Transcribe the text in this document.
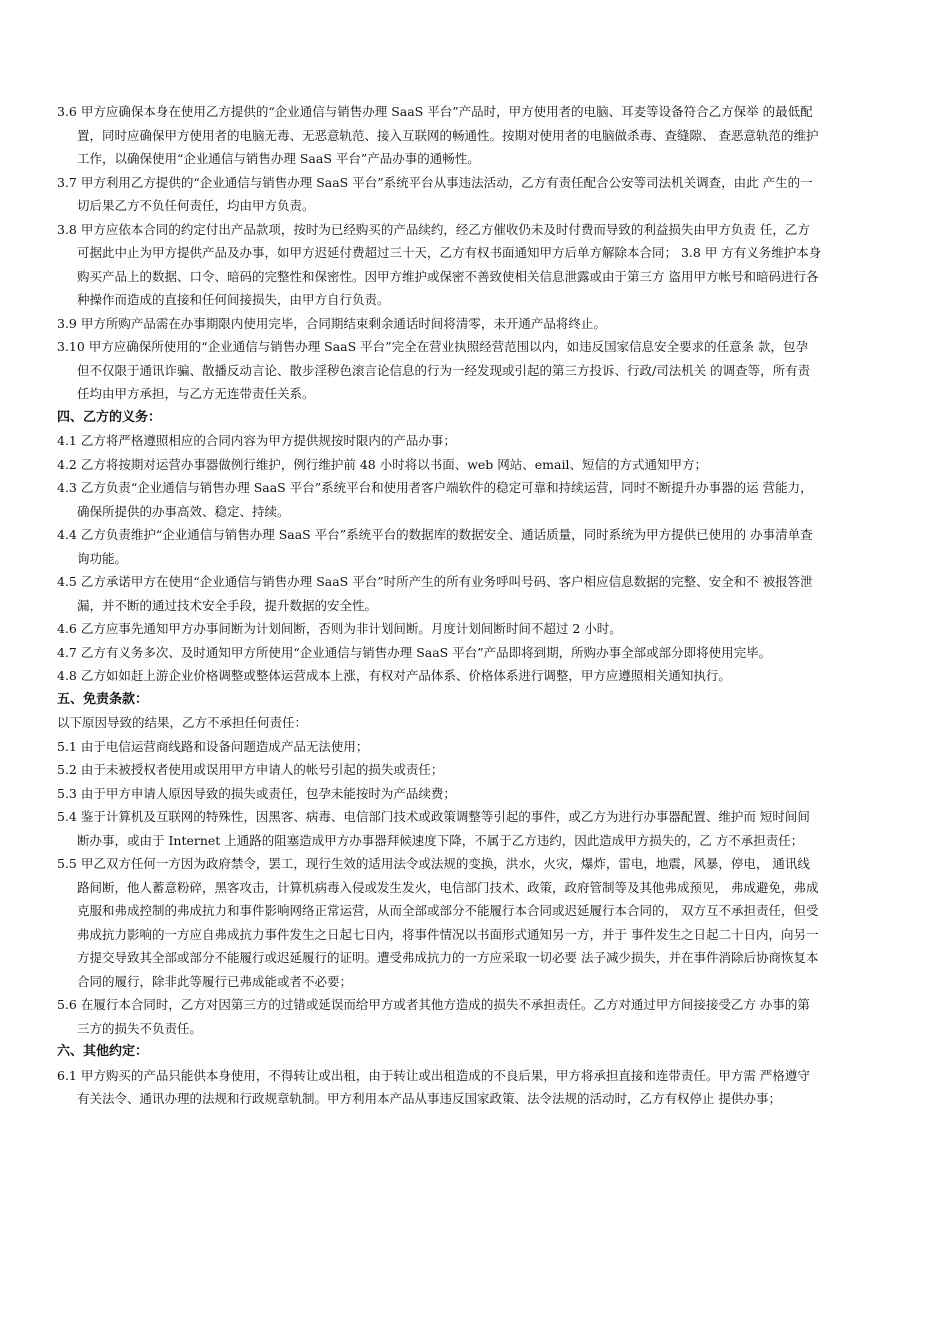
3.6 甲方应确保本身在使用乙方提供的“企业通信与销售办理 SaaS 平台”产品时，甲方使用者的电脑、耳麦等设备符合乙方保举 的最低配
置，同时应确保甲方使用者的电脑无毒、无恶意轨范、接入互联网的畅通性。按期对使用者的电脑做杀毒、查缝隙、 查恶意轨范的维护
工作，以确保使用“企业通信与销售办理 SaaS 平台”产品办事的通畅性。
3.7 甲方利用乙方提供的“企业通信与销售办理 SaaS 平台”系统平台从事违法活动，乙方有责任配合公安等司法机关调查，由此 产生的一
切后果乙方不负任何责任，均由甲方负责。
3.8 甲方应依本合同的约定付出产品款项，按时为已经购买的产品续约，经乙方催收仍未及时付费而导致的利益损失由甲方负责 任，乙方
可据此中止为甲方提供产品及办事，如甲方迟延付费超过三十天，乙方有权书面通知甲方后单方解除本合同； 3.8 甲 方有义务维护本身
购买产品上的数据、口令、暗码的完整性和保密性。因甲方维护或保密不善致使相关信息泄露或由于第三方 盗用甲方帐号和暗码进行各
种操作而造成的直接和任何间接损失，由甲方自行负责。
3.9 甲方所购产品需在办事期限内使用完毕，合同期结束剩余通话时间将清零，未开通产品将终止。
3.10 甲方应确保所使用的“企业通信与销售办理 SaaS 平台”完全在营业执照经营范围以内，如违反国家信息安全要求的任意条 款，包孕
但不仅限于通讯诈骗、散播反动言论、散步淫秽色滚言论信息的行为一经发现或引起的第三方投诉、行政/司法机关 的调查等，所有责
任均由甲方承担，与乙方无连带责任关系。
四、乙方的义务：
4.1 乙方将严格遵照相应的合同内容为甲方提供规按时限内的产品办事；
4.2 乙方将按期对运营办事器做例行维护，例行维护前 48 小时将以书面、web 网站、email、短信的方式通知甲方；
4.3 乙方负责“企业通信与销售办理 SaaS 平台”系统平台和使用者客户端软件的稳定可靠和持续运营，同时不断提升办事器的运 营能力，
确保所提供的办事高效、稳定、持续。
4.4 乙方负责维护“企业通信与销售办理 SaaS 平台”系统平台的数据库的数据安全、通话质量，同时系统为甲方提供已使用的 办事清单查
询功能。
4.5 乙方承诺甲方在使用“企业通信与销售办理 SaaS 平台”时所产生的所有业务呼叫号码、客户相应信息数据的完整、安全和不 被报答泄
漏，并不断的通过技术安全手段，提升数据的安全性。
4.6 乙方应事先通知甲方办事间断为计划间断，否则为非计划间断。月度计划间断时间不超过 2 小时。
4.7 乙方有义务多次、及时通知甲方所使用“企业通信与销售办理 SaaS 平台”产品即将到期，所购办事全部或部分即将使用完毕。
4.8 乙方如如赶上游企业价格调整或整体运营成本上涨，有权对产品体系、价格体系进行调整，甲方应遵照相关通知执行。
五、免责条款：
以下原因导致的结果，乙方不承担任何责任：
5.1 由于电信运营商线路和设备问题造成产品无法使用；
5.2 由于未被授权者使用或误用甲方申请人的帐号引起的损失或责任；
5.3 由于甲方申请人原因导致的损失或责任，包孕未能按时为产品续费；
5.4 鉴于计算机及互联网的特殊性，因黑客、病毒、电信部门技术或政策调整等引起的事件，或乙方为进行办事器配置、维护而 短时间间
断办事，或由于 Internet 上通路的阻塞造成甲方办事器拜候速度下降，不属于乙方违约，因此造成甲方损失的，乙 方不承担责任；
5.5 甲乙双方任何一方因为政府禁令，罢工，现行生效的适用法令或法规的变换，洪水，火灾，爆炸，雷电，地震，风暴，停电， 通讯线
路间断，他人蓄意粉碎，黑客攻击，计算机病毒入侵或发生发火，电信部门技术、政策，政府管制等及其他弗成预见， 弗成避免，弗成
克服和弗成控制的弗成抗力和事件影响网络正常运营，从而全部或部分不能履行本合同或迟延履行本合同的， 双方互不承担责任，但受
弗成抗力影响的一方应自弗成抗力事件发生之日起七日内，将事件情况以书面形式通知另一方，并于 事件发生之日起二十日内，向另一
方提交导致其全部或部分不能履行或迟延履行的证明。遭受弗成抗力的一方应采取一切必要 法子减少损失，并在事件消除后协商恢复本
合同的履行，除非此等履行已弗成能或者不必要；
5.6 在履行本合同时，乙方对因第三方的过错或延误而给甲方或者其他方造成的损失不承担责任。乙方对通过甲方间接接受乙方 办事的第
三方的损失不负责任。
六、其他约定：
6.1 甲方购买的产品只能供本身使用，不得转让或出租，由于转让或出租造成的不良后果，甲方将承担直接和连带责任。甲方需 严格遵守
有关法令、通讯办理的法规和行政规章轨制。甲方利用本产品从事违反国家政策、法令法规的活动时，乙方有权停止 提供办事；
